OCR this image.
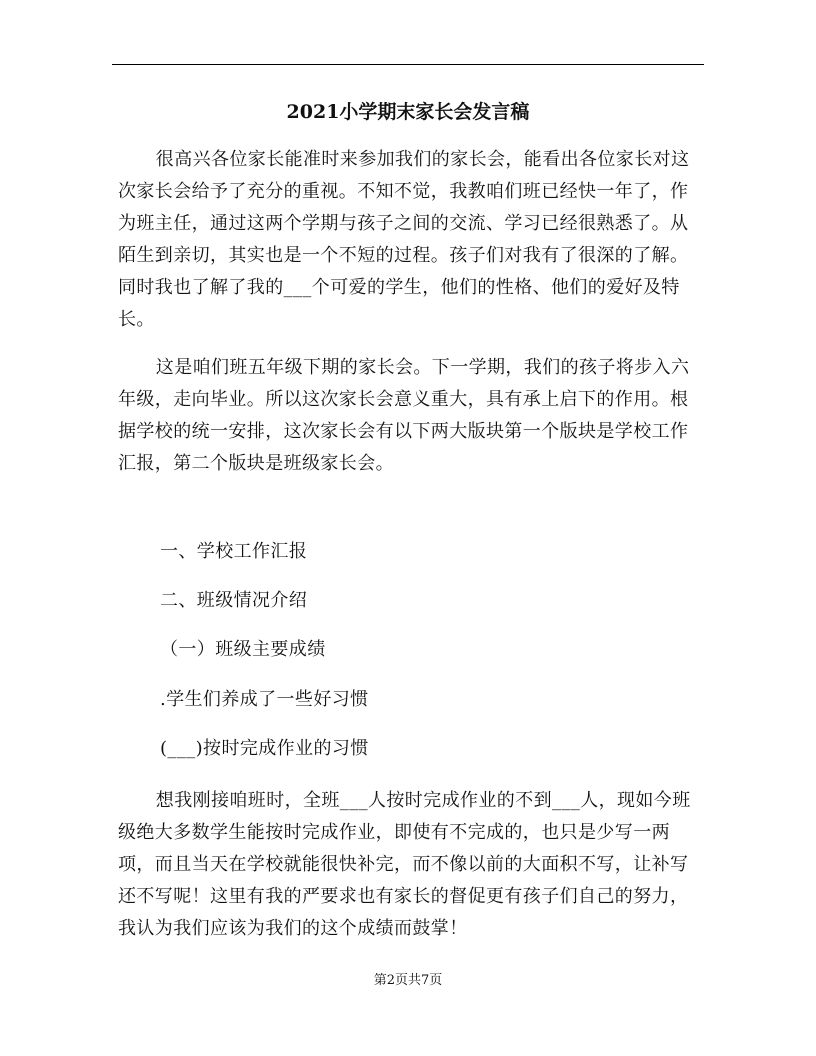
2021小学期末家长会发言稿

很高兴各位家长能准时来参加我们的家长会，能看出各位家长对这次家长会给予了充分的重视。不知不觉，我教咱们班已经快一年了，作为班主任，通过这两个学期与孩子之间的交流、学习已经很熟悉了。从陌生到亲切，其实也是一个不短的过程。孩子们对我有了很深的了解。同时我也了解了我的___个可爱的学生，他们的性格、他们的爱好及特长。

这是咱们班五年级下期的家长会。下一学期，我们的孩子将步入六年级，走向毕业。所以这次家长会意义重大，具有承上启下的作用。根据学校的统一安排，这次家长会有以下两大版块第一个版块是学校工作汇报，第二个版块是班级家长会。

一、学校工作汇报
二、班级情况介绍
（一）班级主要成绩
.学生们养成了一些好习惯
(___)按时完成作业的习惯

想我刚接咱班时，全班___人按时完成作业的不到___人，现如今班级绝大多数学生能按时完成作业，即使有不完成的，也只是少写一两项，而且当天在学校就能很快补完，而不像以前的大面积不写，让补写还不写呢！这里有我的严要求也有家长的督促更有孩子们自己的努力，我认为我们应该为我们的这个成绩而鼓掌！

第2页共7页
